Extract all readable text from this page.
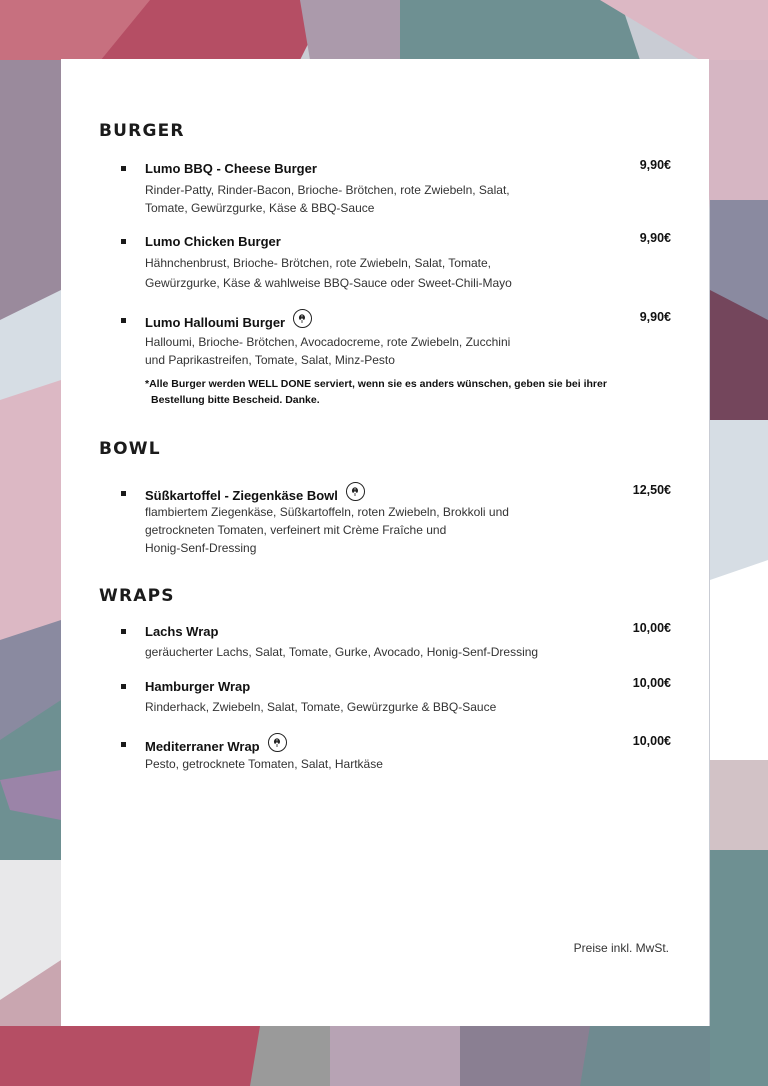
BURGER
Lumo BBQ - Cheese Burger	9,90€
Rinder-Patty, Rinder-Bacon, Brioche- Brötchen, rote Zwiebeln, Salat,
Tomate, Gewürzgurke, Käse & BBQ-Sauce
Lumo Chicken Burger	9,90€
Hähnchenbrust, Brioche- Brötchen, rote Zwiebeln, Salat, Tomate,
Gewürzgurke, Käse & wahlweise BBQ-Sauce oder Sweet-Chili-Mayo
Lumo Halloumi Burger	9,90€
Halloumi, Brioche- Brötchen, Avocadocreme, rote Zwiebeln, Zucchini
und Paprikastreifen, Tomate, Salat, Minz-Pesto
*Alle Burger werden WELL DONE serviert, wenn sie es anders wünschen, geben sie bei ihrer
Bestellung bitte Bescheid. Danke.
BOWL
Süßkartoffel - Ziegenkäse Bowl	12,50€
flambiertem Ziegenkäse, Süßkartoffeln, roten Zwiebeln, Brokkoli und
getrockneten Tomaten, verfeinert mit Crème Fraîche und
Honig-Senf-Dressing
WRAPS
Lachs Wrap	10,00€
geräucherter Lachs, Salat, Tomate, Gurke, Avocado, Honig-Senf-Dressing
Hamburger Wrap	10,00€
Rinderhack, Zwiebeln, Salat, Tomate, Gewürzgurke & BBQ-Sauce
Mediterraner Wrap	10,00€
Pesto, getrocknete Tomaten, Salat, Hartkäse
Preise inkl. MwSt.
